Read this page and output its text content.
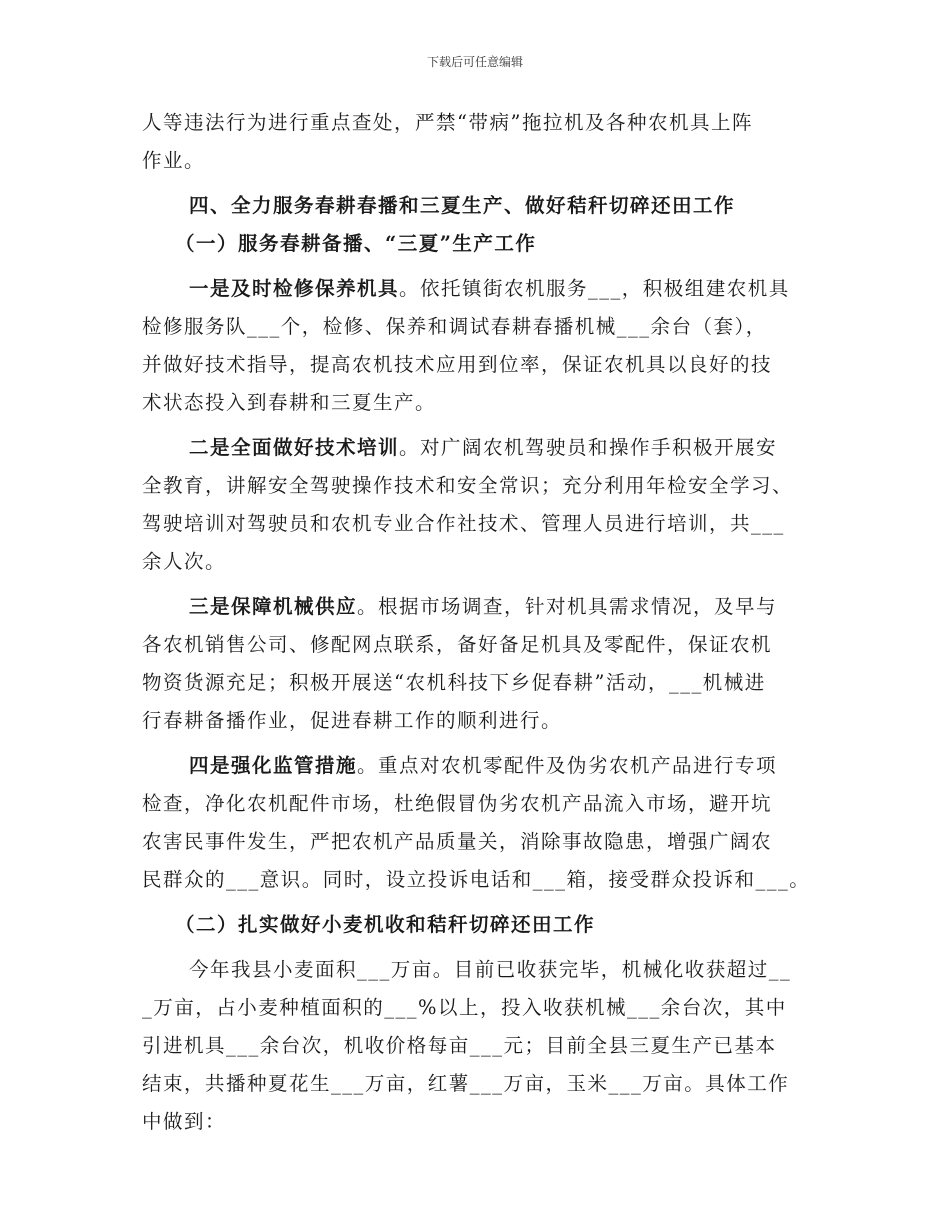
下载后可任意编辑
人等违法行为进行重点查处，严禁“带病”拖拉机及各种农机具上阵
作业。
四、全力服务春耕春播和三夏生产、做好秸秆切碎还田工作
（一）服务春耕备播、“三夏”生产工作
一是及时检修保养机具。依托镇街农机服务___，积极组建农机具
检修服务队___个，检修、保养和调试春耕春播机械___余台（套），
并做好技术指导，提高农机技术应用到位率，保证农机具以良好的技
术状态投入到春耕和三夏生产。
二是全面做好技术培训。对广阔农机驾驶员和操作手积极开展安
全教育，讲解安全驾驶操作技术和安全常识；充分利用年检安全学习、
驾驶培训对驾驶员和农机专业合作社技术、管理人员进行培训，共___
余人次。
三是保障机械供应。根据市场调查，针对机具需求情况，及早与
各农机销售公司、修配网点联系，备好备足机具及零配件，保证农机
物资货源充足；积极开展送“农机科技下乡促春耕”活动，___机械进
行春耕备播作业，促进春耕工作的顺利进行。
四是强化监管措施。重点对农机零配件及伪劣农机产品进行专项
检查，净化农机配件市场，杜绝假冒伪劣农机产品流入市场，避开坑
农害民事件发生，严把农机产品质量关，消除事故隐患，增强广阔农
民群众的___意识。同时，设立投诉电话和___箱，接受群众投诉和___。
（二）扎实做好小麦机收和秸秆切碎还田工作
今年我县小麦面积___万亩。目前已收获完毕，机械化收获超过__
_万亩，占小麦种植面积的___%以上，投入收获机械___余台次，其中
引进机具___余台次，机收价格每亩___元；目前全县三夏生产已基本
结束，共播种夏花生___万亩，红薯___万亩，玉米___万亩。具体工作
中做到：
